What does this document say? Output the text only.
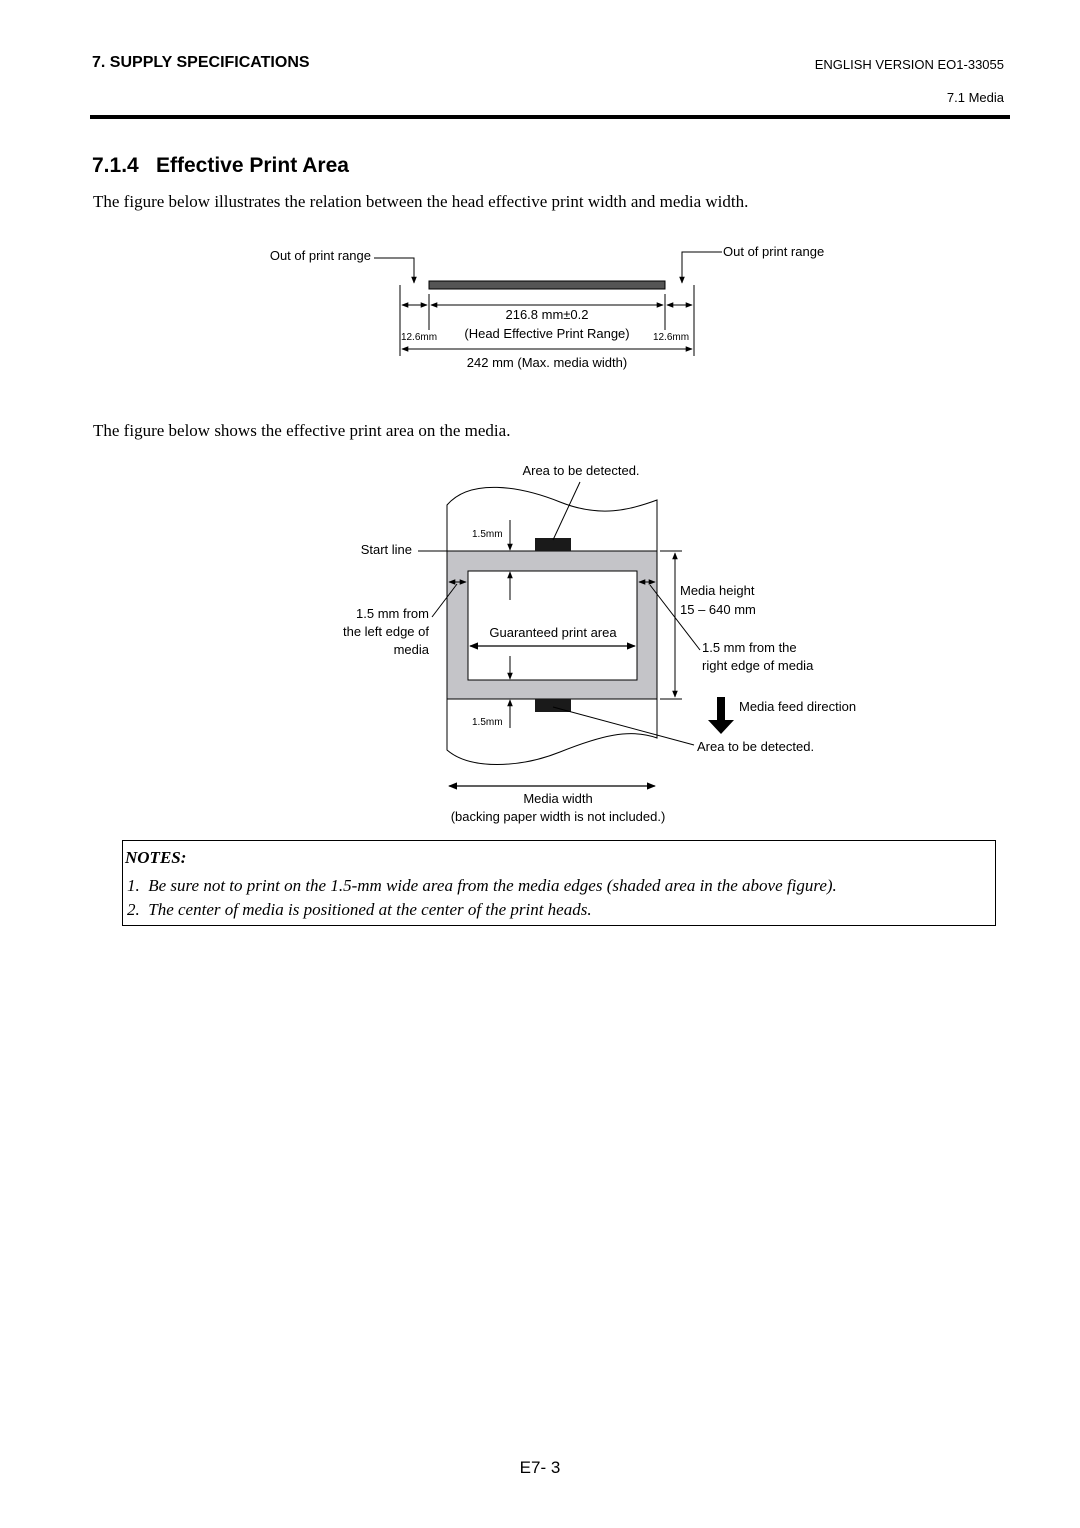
7. SUPPLY SPECIFICATIONS	ENGLISH VERSION EO1-33055
7.1 Media
7.1.4 Effective Print Area
The figure below illustrates the relation between the head effective print width and media width.
The figure below shows the effective print area on the media.
Out of print range	Out of print range
216.8 mm±0.2
(Head Effective Print Range)
12.6mm	12.6mm
242 mm (Max. media width)
Area to be detected.
1.5mm
Start line
1.5 mm from
the left edge of
media
Guaranteed print area
Media height
15 – 640 mm
1.5 mm from the
right edge of media
Media feed direction
1.5mm
Area to be detected.
Media width
(backing paper width is not included.)
NOTES:
1.  Be sure not to print on the 1.5-mm wide area from the media edges (shaded area in the above figure).
2.  The center of media is positioned at the center of the print heads.
E7- 3
